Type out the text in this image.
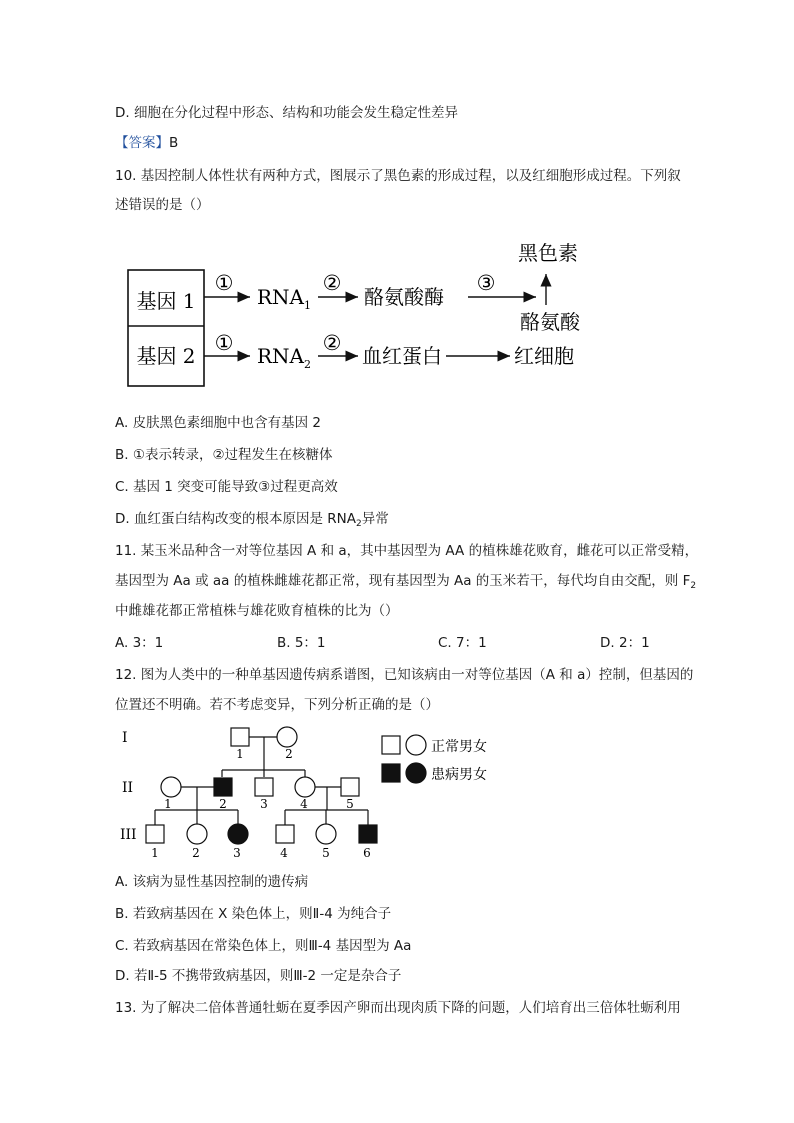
D. 细胞在分化过程中形态、结构和功能会发生稳定性差异
【答案】B
10. 基因控制人体性状有两种方式，图展示了黑色素的形成过程，以及红细胞形成过程。下列叙
述错误的是（）
基因 1
基因 2
①
$RNA_1$
②
酪氨酸酶
③
黑色素
酪氨酸
①
$RNA_2$
②
血红蛋白	红细胞
A. 皮肤黑色素细胞中也含有基因 2
B. ①表示转录，②过程发生在核糖体
C. 基因 1 突变可能导致③过程更高效
D. 血红蛋白结构改变的根本原因是 $RNA_2$异常
11. 某玉米品种含一对等位基因 A 和 a，其中基因型为 AA 的植株雄花败育，雌花可以正常受精，
基因型为 Aa 或 aa 的植株雌雄花都正常，现有基因型为 Aa 的玉米若干，每代均自由交配，则 $F_2$
中雌雄花都正常植株与雄花败育植株的比为（）
A. 3：1	B. 5：1	C. 7：1	D. 2：1
12. 图为人类中的一种单基因遗传病系谱图，已知该病由一对等位基因（A 和 a）控制，但基因的
位置还不明确。若不考虑变异，下列分析正确的是（）
I
II
III
1	2
1	2	3	4	5
1	2	3	4	5	6
正常男女
患病男女
A. 该病为显性基因控制的遗传病
B. 若致病基因在 X 染色体上，则Ⅱ-4 为纯合子
C. 若致病基因在常染色体上，则Ⅲ-4 基因型为 Aa
D. 若Ⅱ-5 不携带致病基因，则Ⅲ-2 一定是杂合子
13. 为了解决二倍体普通牡蛎在夏季因产卵而出现肉质下降的问题，人们培育出三倍体牡蛎利用
